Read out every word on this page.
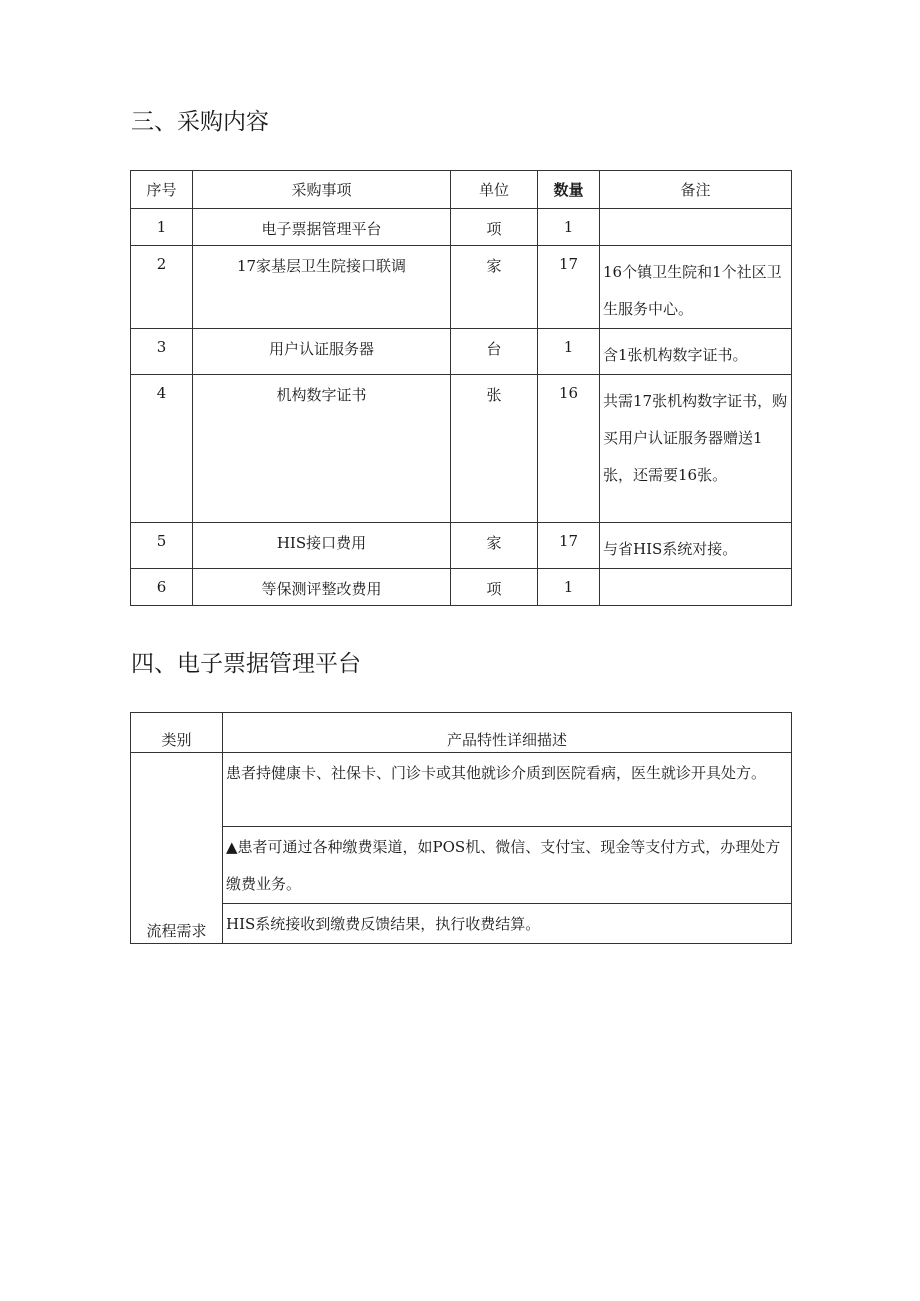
三、采购内容
序号	采购事项	单位	数量	备注
1	电子票据管理平台	项	1	
2	17家基层卫生院接口联调	家	17	16个镇卫生院和1个社区卫生服务中心。
3	用户认证服务器	台	1	含1张机构数字证书。
4	机构数字证书	张	16	共需17张机构数字证书，购买用户认证服务器赠送1张，还需要16张。
5	HIS接口费用	家	17	与省HIS系统对接。
6	等保测评整改费用	项	1	
四、电子票据管理平台
类别	产品特性详细描述
流程需求	患者持健康卡、社保卡、门诊卡或其他就诊介质到医院看病，医生就诊开具处方。
	▲患者可通过各种缴费渠道，如POS机、微信、支付宝、现金等支付方式，办理处方缴费业务。
	HIS系统接收到缴费反馈结果，执行收费结算。
